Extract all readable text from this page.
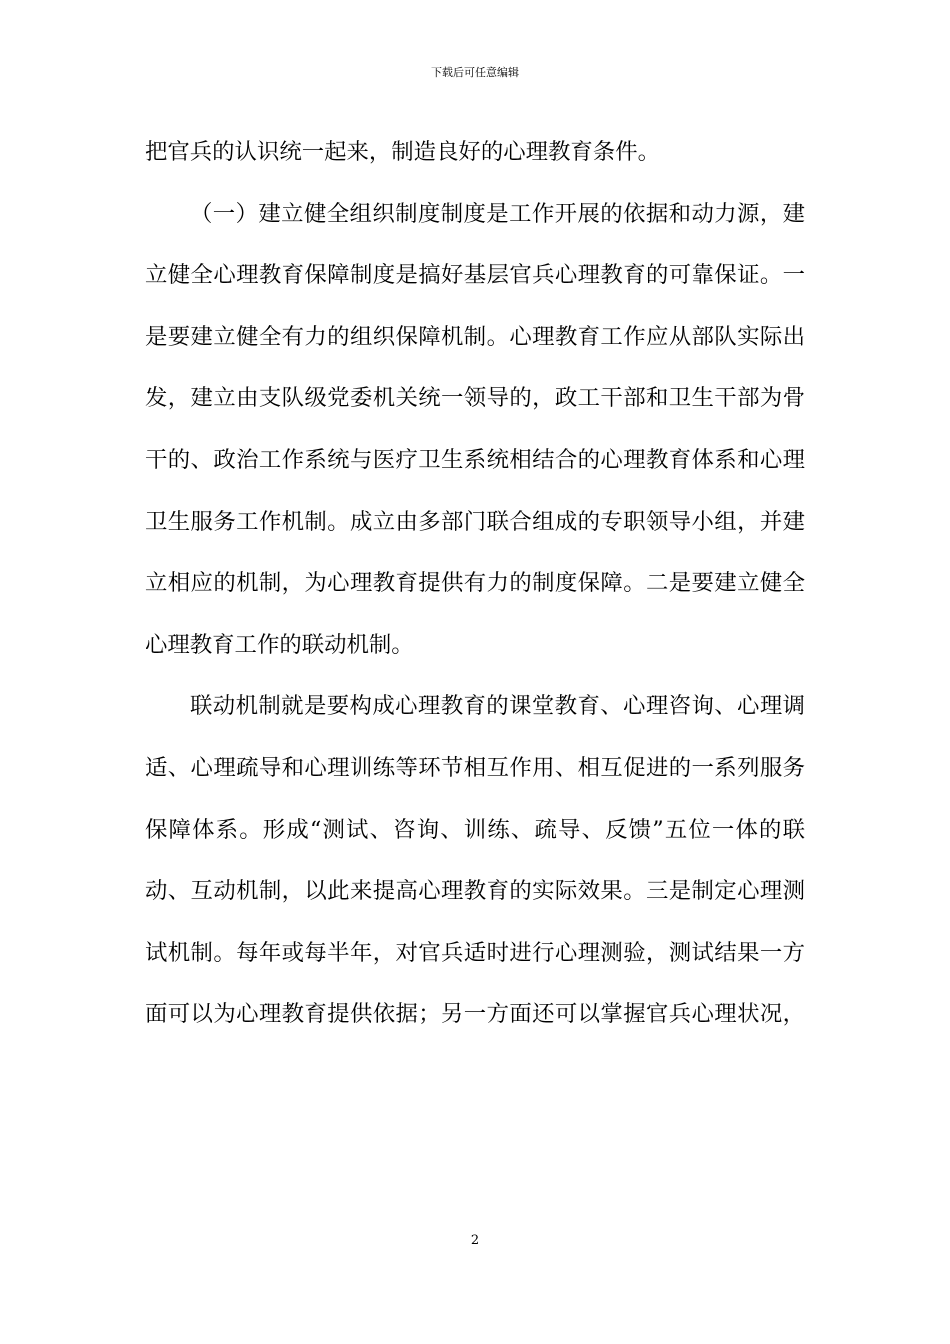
下载后可任意编辑
把官兵的认识统一起来，制造良好的心理教育条件。
（一）建立健全组织制度制度是工作开展的依据和动力源，建
立健全心理教育保障制度是搞好基层官兵心理教育的可靠保证。一
是要建立健全有力的组织保障机制。心理教育工作应从部队实际出
发，建立由支队级党委机关统一领导的，政工干部和卫生干部为骨
干的、政治工作系统与医疗卫生系统相结合的心理教育体系和心理
卫生服务工作机制。成立由多部门联合组成的专职领导小组，并建
立相应的机制，为心理教育提供有力的制度保障。二是要建立健全
心理教育工作的联动机制。
联动机制就是要构成心理教育的课堂教育、心理咨询、心理调
适、心理疏导和心理训练等环节相互作用、相互促进的一系列服务
保障体系。形成“测试、咨询、训练、疏导、反馈”五位一体的联
动、互动机制，以此来提高心理教育的实际效果。三是制定心理测
试机制。每年或每半年，对官兵适时进行心理测验，测试结果一方
面可以为心理教育提供依据；另一方面还可以掌握官兵心理状况，
2
